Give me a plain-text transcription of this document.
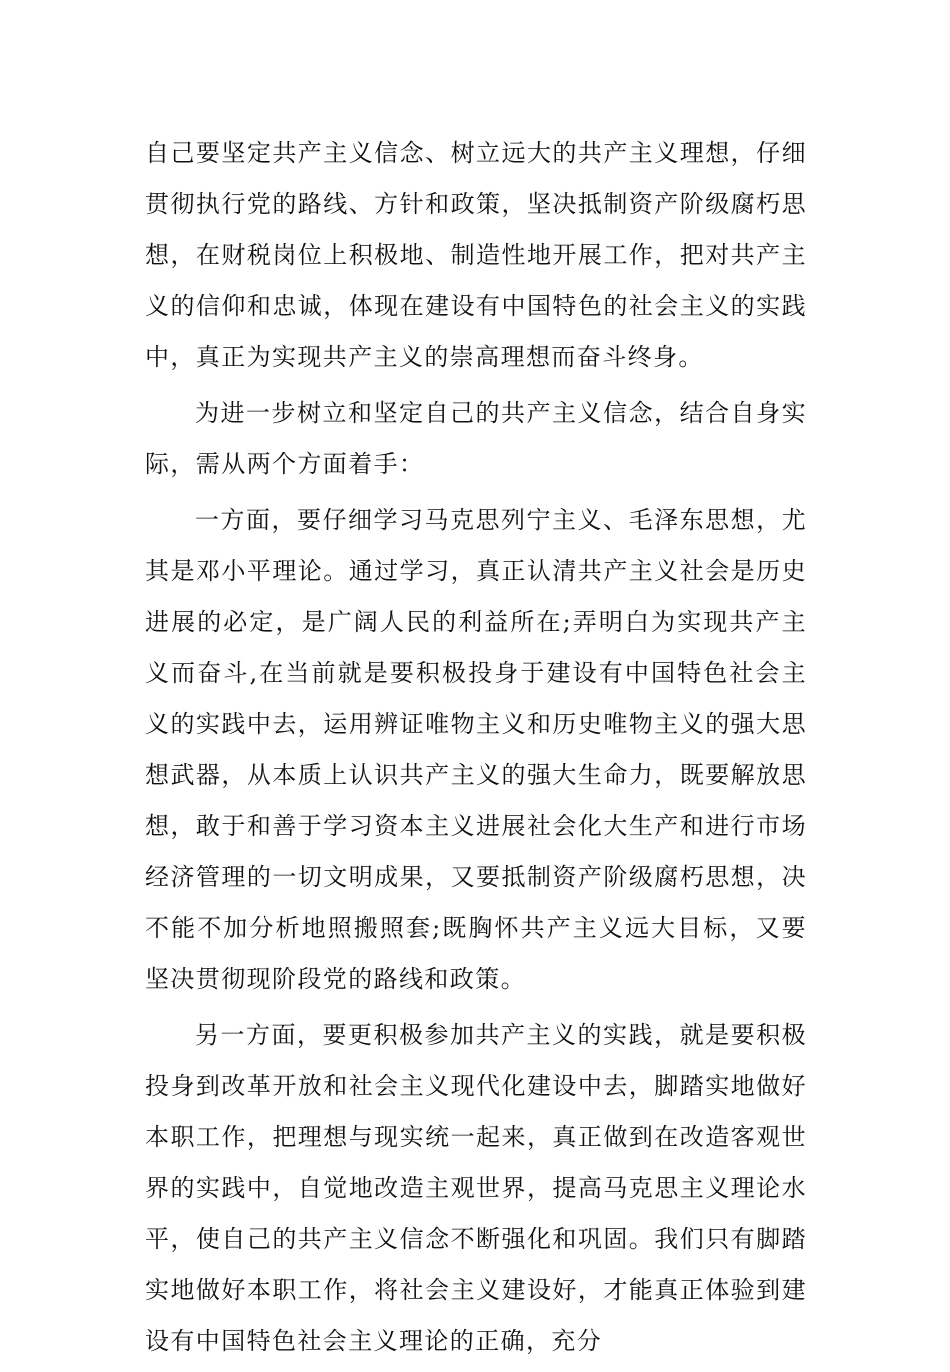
自己要坚定共产主义信念、树立远大的共产主义理想，仔细贯彻执行党的路线、方针和政策，坚决抵制资产阶级腐朽思想，在财税岗位上积极地、制造性地开展工作，把对共产主义的信仰和忠诚，体现在建设有中国特色的社会主义的实践中，真正为实现共产主义的崇高理想而奋斗终身。

为进一步树立和坚定自己的共产主义信念，结合自身实际，需从两个方面着手：

一方面，要仔细学习马克思列宁主义、毛泽东思想，尤其是邓小平理论。通过学习，真正认清共产主义社会是历史进展的必定，是广阔人民的利益所在;弄明白为实现共产主义而奋斗,在当前就是要积极投身于建设有中国特色社会主义的实践中去，运用辨证唯物主义和历史唯物主义的强大思想武器，从本质上认识共产主义的强大生命力，既要解放思想，敢于和善于学习资本主义进展社会化大生产和进行市场经济管理的一切文明成果，又要抵制资产阶级腐朽思想，决不能不加分析地照搬照套;既胸怀共产主义远大目标，又要坚决贯彻现阶段党的路线和政策。

另一方面，要更积极参加共产主义的实践，就是要积极投身到改革开放和社会主义现代化建设中去，脚踏实地做好本职工作，把理想与现实统一起来，真正做到在改造客观世界的实践中，自觉地改造主观世界，提高马克思主义理论水平，使自己的共产主义信念不断强化和巩固。我们只有脚踏实地做好本职工作，将社会主义建设好，才能真正体验到建设有中国特色社会主义理论的正确，充分
